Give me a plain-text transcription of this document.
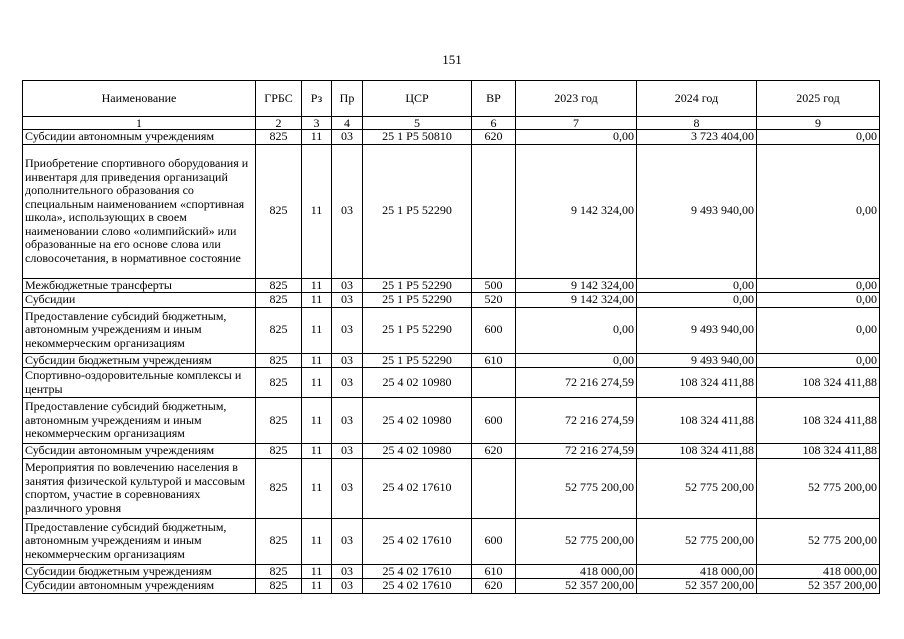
151
Наименование	ГРБС	Рз	Пр	ЦСР	ВР	2023 год	2024 год	2025 год
1	2	3	4	5	6	7	8	9
Субсидии автономным учреждениям	825	11	03	25 1 P5 50810	620	0,00	3 723 404,00	0,00
Приобретение спортивного оборудования и инвентаря для приведения организаций дополнительного образования со специальным наименованием «спортивная школа», использующих в своем наименовании слово «олимпийский» или образованные на его основе слова или словосочетания, в нормативное состояние	825	11	03	25 1 P5 52290		9 142 324,00	9 493 940,00	0,00
Межбюджетные трансферты	825	11	03	25 1 P5 52290	500	9 142 324,00	0,00	0,00
Субсидии	825	11	03	25 1 P5 52290	520	9 142 324,00	0,00	0,00
Предоставление субсидий бюджетным, автономным учреждениям и иным некоммерческим организациям	825	11	03	25 1 P5 52290	600	0,00	9 493 940,00	0,00
Субсидии бюджетным учреждениям	825	11	03	25 1 P5 52290	610	0,00	9 493 940,00	0,00
Спортивно-оздоровительные комплексы и центры	825	11	03	25 4 02 10980		72 216 274,59	108 324 411,88	108 324 411,88
Предоставление субсидий бюджетным, автономным учреждениям и иным некоммерческим организациям	825	11	03	25 4 02 10980	600	72 216 274,59	108 324 411,88	108 324 411,88
Субсидии автономным учреждениям	825	11	03	25 4 02 10980	620	72 216 274,59	108 324 411,88	108 324 411,88
Мероприятия по вовлечению населения в занятия физической культурой и массовым спортом, участие в соревнованиях различного уровня	825	11	03	25 4 02 17610		52 775 200,00	52 775 200,00	52 775 200,00
Предоставление субсидий бюджетным, автономным учреждениям и иным некоммерческим организациям	825	11	03	25 4 02 17610	600	52 775 200,00	52 775 200,00	52 775 200,00
Субсидии бюджетным учреждениям	825	11	03	25 4 02 17610	610	418 000,00	418 000,00	418 000,00
Субсидии автономным учреждениям	825	11	03	25 4 02 17610	620	52 357 200,00	52 357 200,00	52 357 200,00
